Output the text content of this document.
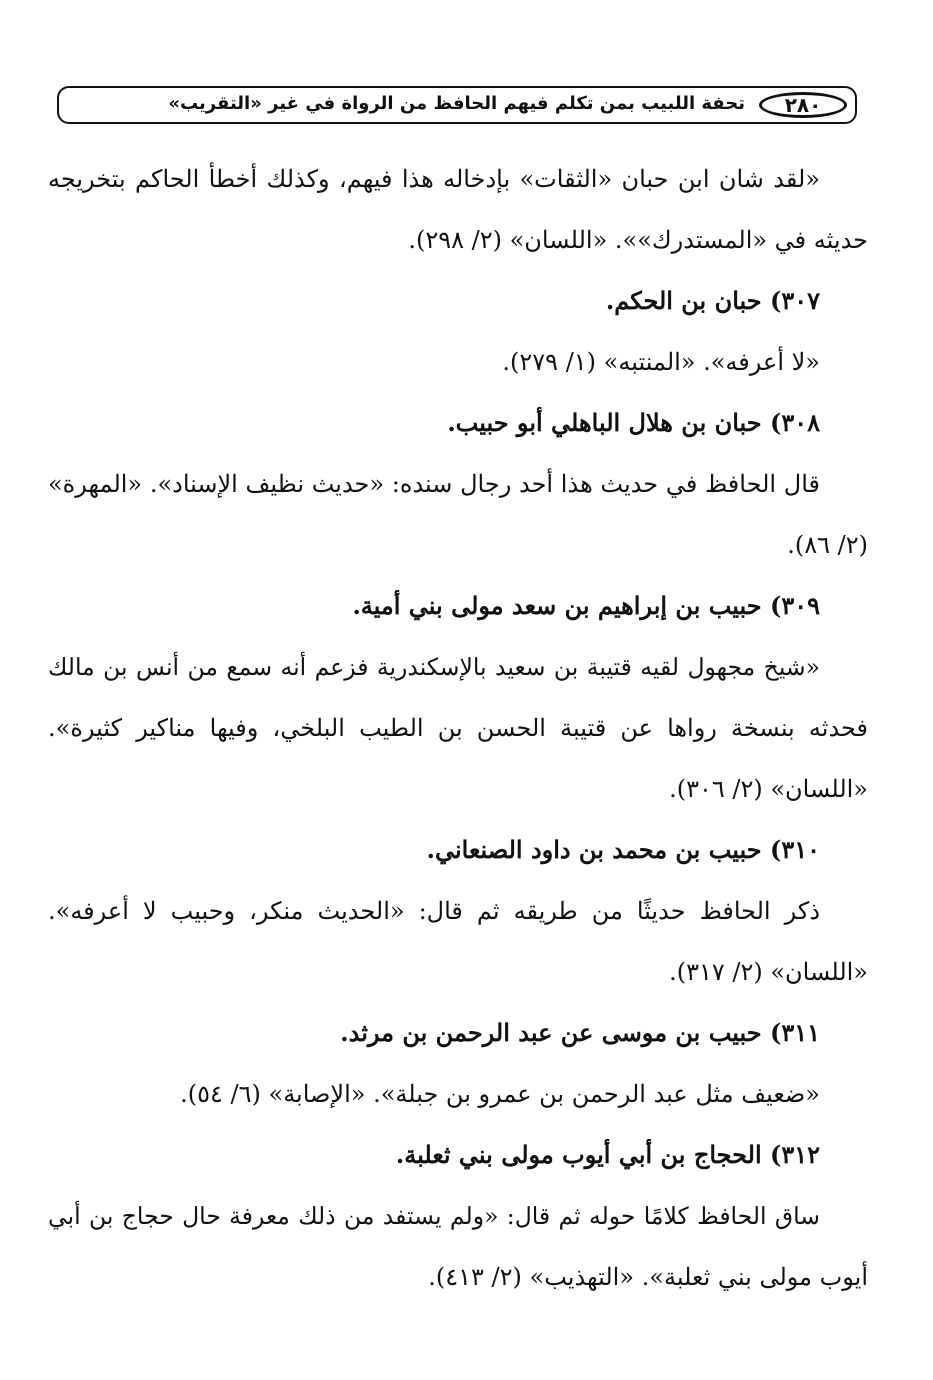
٢٨٠
تحفة اللبيب بمن تكلم فيهم الحافظ من الرواة في غير «التقريب»
«لقد شان ابن حبان «الثقات» بإدخاله هذا فيهم، وكذلك أخطأ الحاكم بتخريجه
حديثه في «المستدرك»». «اللسان» (٢/ ٢٩٨).
٣٠٧) حبان بن الحكم.
«لا أعرفه». «المنتبه» (١/ ٢٧٩).
٣٠٨) حبان بن هلال الباهلي أبو حبيب.
قال الحافظ في حديث هذا أحد رجال سنده: «حديث نظيف الإسناد». «المهرة»
(٢/ ٨٦).
٣٠٩) حبيب بن إبراهيم بن سعد مولى بني أمية.
«شيخ مجهول لقيه قتيبة بن سعيد بالإسكندرية فزعم أنه سمع من أنس بن مالك
فحدثه بنسخة رواها عن قتيبة الحسن بن الطيب البلخي، وفيها مناكير كثيرة».
«اللسان» (٢/ ٣٠٦).
٣١٠) حبيب بن محمد بن داود الصنعاني.
ذكر الحافظ حديثًا من طريقه ثم قال: «الحديث منكر، وحبيب لا أعرفه».
«اللسان» (٢/ ٣١٧).
٣١١) حبيب بن موسى عن عبد الرحمن بن مرثد.
«ضعيف مثل عبد الرحمن بن عمرو بن جبلة». «الإصابة» (٦/ ٥٤).
٣١٢) الحجاج بن أبي أيوب مولى بني ثعلبة.
ساق الحافظ كلامًا حوله ثم قال: «ولم يستفد من ذلك معرفة حال حجاج بن أبي
أيوب مولى بني ثعلبة». «التهذيب» (٢/ ٤١٣).
